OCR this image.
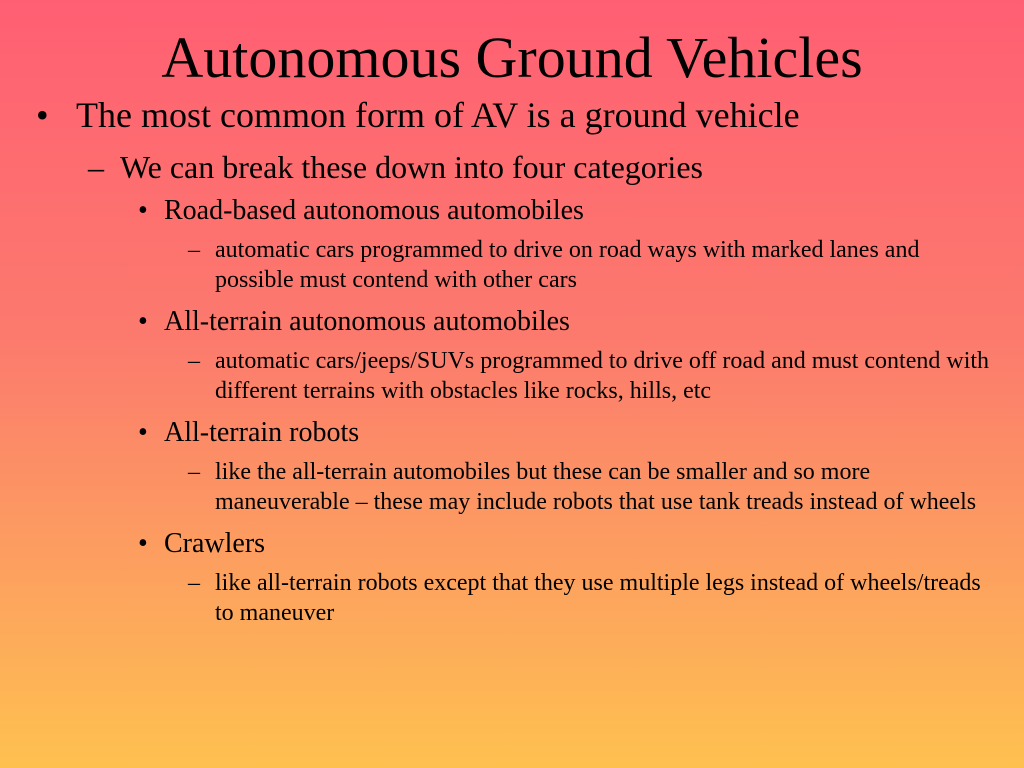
Autonomous Ground Vehicles
• The most common form of AV is a ground vehicle
– We can break these down into four categories
• Road-based autonomous automobiles
– automatic cars programmed to drive on road ways with marked lanes and possible must contend with other cars
• All-terrain autonomous automobiles
– automatic cars/jeeps/SUVs programmed to drive off road and must contend with different terrains with obstacles like rocks, hills, etc
• All-terrain robots
– like the all-terrain automobiles but these can be smaller and so more maneuverable – these may include robots that use tank treads instead of wheels
• Crawlers
– like all-terrain robots except that they use multiple legs instead of wheels/treads to maneuver
